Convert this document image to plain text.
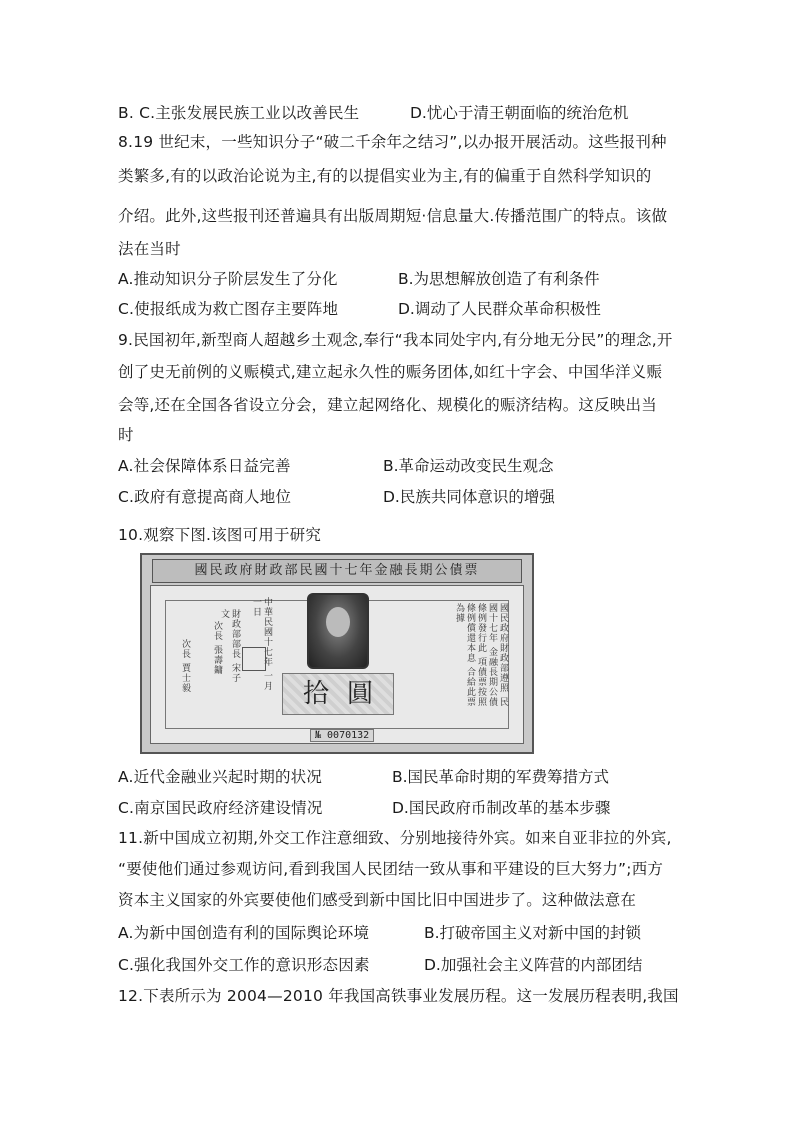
B. C.主张发展民族工业以改善民生	D.忧心于清王朝面临的统治危机
8.19 世纪末，一些知识分子“破二千余年之结习”,以办报开展活动。这些报刊种
类繁多,有的以政治论说为主,有的以提倡实业为主,有的偏重于自然科学知识的
介绍。此外,这些报刊还普遍具有出版周期短·信息量大.传播范围广的特点。该做
法在当时
A.推动知识分子阶层发生了分化	B.为思想解放创造了有利条件
C.使报纸成为救亡图存主要阵地	D.调动了人民群众革命积极性
9.民国初年,新型商人超越乡土观念,奉行“我本同处宇内,有分地无分民”的理念,开
创了史无前例的义赈模式,建立起永久性的赈务团体,如红十字会、中国华洋义赈
会等,还在全国各省设立分会，建立起网络化、规模化的赈济结构。这反映出当
时
A.社会保障体系日益完善	B.革命运动改变民生观念
C.政府有意提高商人地位	D.民族共同体意识的增强
10.观察下图.该图可用于研究
國民政府財政部民國十七年金融長期公債票
國民政府財政部遵照 民國十七年 金融長期公債條例發行此 項債票按照條例償還本息 合給此票為據
中華民國十七年 一月一日
財政部部長 宋子文
次長 張壽鏞
次長 賈士毅
拾圓
№ 0070132
A.近代金融业兴起时期的状况	B.国民革命时期的军费筹措方式
C.南京国民政府经济建设情况	D.国民政府币制改革的基本步骤
11.新中国成立初期,外交工作注意细致、分别地接待外宾。如来自亚非拉的外宾,
“要使他们通过参观访问,看到我国人民团结一致从事和平建设的巨大努力”;西方
资本主义国家的外宾要使他们感受到新中国比旧中国进步了。这种做法意在
A.为新中国创造有利的国际舆论环境	B.打破帝国主义对新中国的封锁
C.强化我国外交工作的意识形态因素	D.加强社会主义阵营的内部团结
12.下表所示为 2004—2010 年我国高铁事业发展历程。这一发展历程表明,我国
